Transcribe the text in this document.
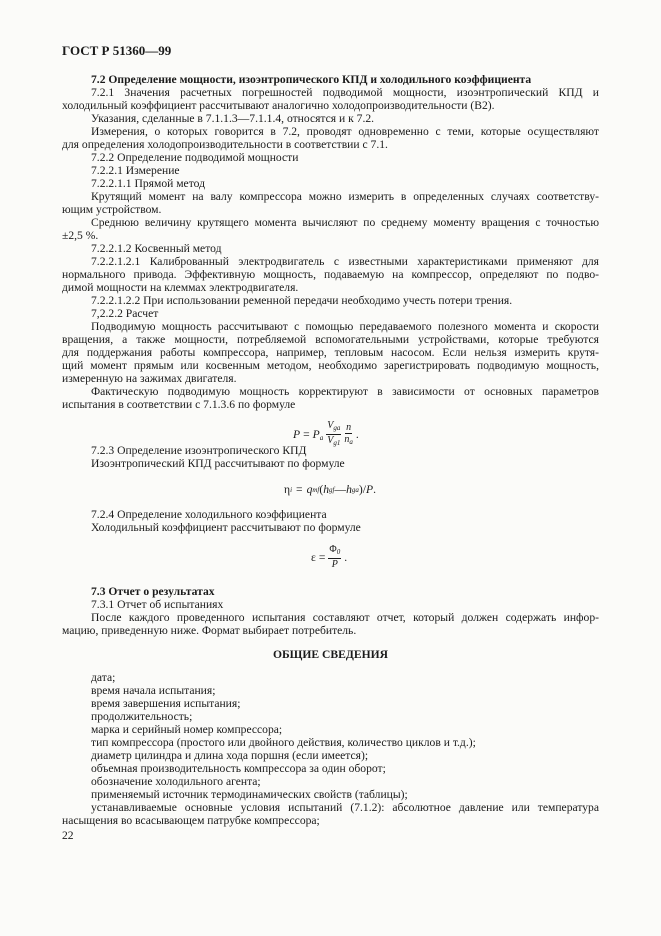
ГОСТ Р 51360—99
7.2 Определение мощности, изоэнтропического КПД и холодильного коэффициента
7.2.1 Значения расчетных погрешностей подводимой мощности, изоэнтропический КПД и
холодильный коэффициент рассчитывают аналогично холодопроизводительности (B2).
Указания, сделанные в 7.1.1.3—7.1.1.4, относятся и к 7.2.
Измерения, о которых говорится в 7.2, проводят одновременно с теми, которые осуществляют
для определения холодопроизводительности в соответствии с 7.1.
7.2.2 Определение подводимой мощности
7.2.2.1 Измерение
7.2.2.1.1 Прямой метод
Крутящий момент на валу компрессора можно измерить в определенных случаях соответству-
ющим устройством.
Среднюю величину крутящего момента вычисляют по среднему моменту вращения с точностью
±2,5 %.
7.2.2.1.2 Косвенный метод
7.2.2.1.2.1 Калиброванный электродвигатель с известными характеристиками применяют для
нормального привода. Эффективную мощность, подаваемую на компрессор, определяют по подво-
димой мощности на клеммах электродвигателя.
7.2.2.1.2.2 При использовании ременной передачи необходимо учесть потери трения.
7,2.2.2 Расчет
Подводимую мощность рассчитывают с помощью передаваемого полезного момента и скорости
вращения, а также мощности, потребляемой вспомогательными устройствами, которые требуются
для поддержания работы компрессора, например, тепловым насосом. Если нельзя измерить крутя-
щий момент прямым или косвенным методом, необходимо зарегистрировать подводимую мощность,
измеренную на зажимах двигателя.
Фактическую подводимую мощность корректируют в зависимости от основных параметров
испытания в соответствии с 7.1.3.6 по формуле
$P = P_a \frac{V_{ga}}{V_{g1}} \frac{n}{n_a}$ .
7.2.3 Определение изоэнтропического КПД
Изоэнтропический КПД рассчитывают по формуле
η i = q mf ( h gf — h ga )/ P .
7.2.4 Определение холодильного коэффициента
Холодильный коэффициент рассчитывают по формуле
$\varepsilon = \frac{\Phi_0}{P}$ .
7.3 Отчет о результатах
7.3.1 Отчет об испытаниях
После каждого проведенного испытания составляют отчет, который должен содержать инфор-
мацию, приведенную ниже. Формат выбирает потребитель.
ОБЩИЕ СВЕДЕНИЯ
дата;
время начала испытания;
время завершения испытания;
продолжительность;
марка и серийный номер компрессора;
тип компрессора (простого или двойного действия, количество циклов и т.д.);
диаметр цилиндра и длина хода поршня (если имеется);
объемная производительность компрессора за один оборот;
обозначение холодильного агента;
применяемый источник термодинамических свойств (таблицы);
устанавливаемые основные условия испытаний (7.1.2): абсолютное давление или температура
насыщения во всасывающем патрубке компрессора;
22
